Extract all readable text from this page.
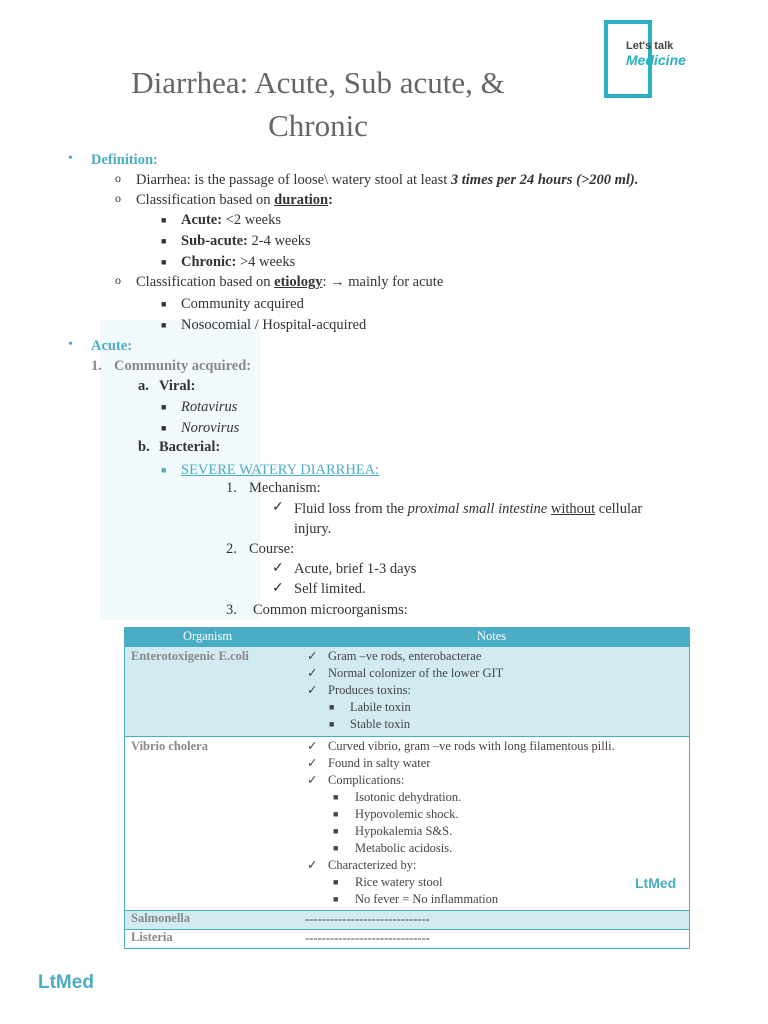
Let's talk
Medicine
Diarrhea: Acute, Sub acute, &
Chronic
• Definition:
o Diarrhea: is the passage of loose\ watery stool at least 3 times per 24 hours (>200 ml).
o Classification based on duration:
■ Acute: <2 weeks
■ Sub-acute: 2-4 weeks
■ Chronic: >4 weeks
o Classification based on etiology: → mainly for acute
■ Community acquired
■ Nosocomial / Hospital-acquired
• Acute:
1. Community acquired:
a. Viral:
■ Rotavirus
■ Norovirus
b. Bacterial:
■ SEVERE WATERY DIARRHEA:
1. Mechanism:
✓ Fluid loss from the proximal small intestine without cellular
injury.
2. Course:
✓ Acute, brief 1-3 days
✓ Self limited.
3. Common microorganisms:
Organism	Notes
Enterotoxigenic E.coli	✓ Gram –ve rods, enterobacterae
✓ Normal colonizer of the lower GIT
✓ Produces toxins:
■ Labile toxin
■ Stable toxin
Vibrio cholera	✓ Curved vibrio, gram –ve rods with long filamentous pilli.
✓ Found in salty water
✓ Complications:
■ Isotonic dehydration.
■ Hypovolemic shock.
■ Hypokalemia S&S.
■ Metabolic acidosis.
✓ Characterized by:
■ Rice watery stool
■ No fever = No inflammation
LtMed
Salmonella	------------------------------
Listeria	------------------------------
LtMed
